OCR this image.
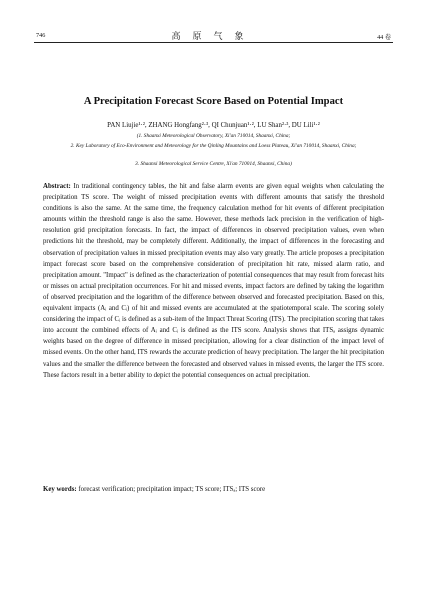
746	高原气象	44 卷
A Precipitation Forecast Score Based on Potential Impact
PAN Liujie¹·², ZHANG Hongfang²·³, QI Chunjuan¹·², LU Shan²·³, DU Lili¹·²
(1. Shaanxi Meteorological Observatory, Xi'an 710014, Shaanxi, China;
2. Key Laboratory of Eco-Environment and Meteorology for the Qinling Mountains and Loess Plateau, Xi'an 710014, Shaanxi, China;
3. Shaanxi Meteorological Service Centre, Xi'an 710014, Shaanxi, China)
Abstract: In traditional contingency tables, the hit and false alarm events are given equal weights when calculating the precipitation TS score. The weight of missed precipitation events with different amounts that satisfy the threshold conditions is also the same. At the same time, the frequency calculation method for hit events of different precipitation amounts within the threshold range is also the same. However, these methods lack precision in the verification of high-resolution grid precipitation forecasts. In fact, the impact of differences in observed precipitation values, even when predictions hit the threshold, may be completely different. Additionally, the impact of differences in the forecasting and observation of precipitation values in missed precipitation events may also vary greatly. The article proposes a precipitation impact forecast score based on the comprehensive consideration of precipitation hit rate, missed alarm ratio, and precipitation amount. "Impact" is defined as the characterization of potential consequences that may result from forecast hits or misses on actual precipitation occurrences. For hit and missed events, impact factors are defined by taking the logarithm of observed precipitation and the logarithm of the difference between observed and forecasted precipitation. Based on this, equivalent impacts (Aᵢ and Cᵢ) of hit and missed events are accumulated at the spatiotemporal scale. The scoring solely considering the impact of Cᵢ is defined as a sub-item of the Impact Threat Scoring (ITS). The precipitation scoring that takes into account the combined effects of Aᵢ and Cᵢ is defined as the ITS score. Analysis shows that ITSₐ assigns dynamic weights based on the degree of difference in missed precipitation, allowing for a clear distinction of the impact level of missed events. On the other hand, ITS rewards the accurate prediction of heavy precipitation. The larger the hit precipitation values and the smaller the difference between the forecasted and observed values in missed events, the larger the ITS score. These factors result in a better ability to depict the potential consequences on actual precipitation.
Key words: forecast verification; precipitation impact; TS score; ITSₐ; ITS score
